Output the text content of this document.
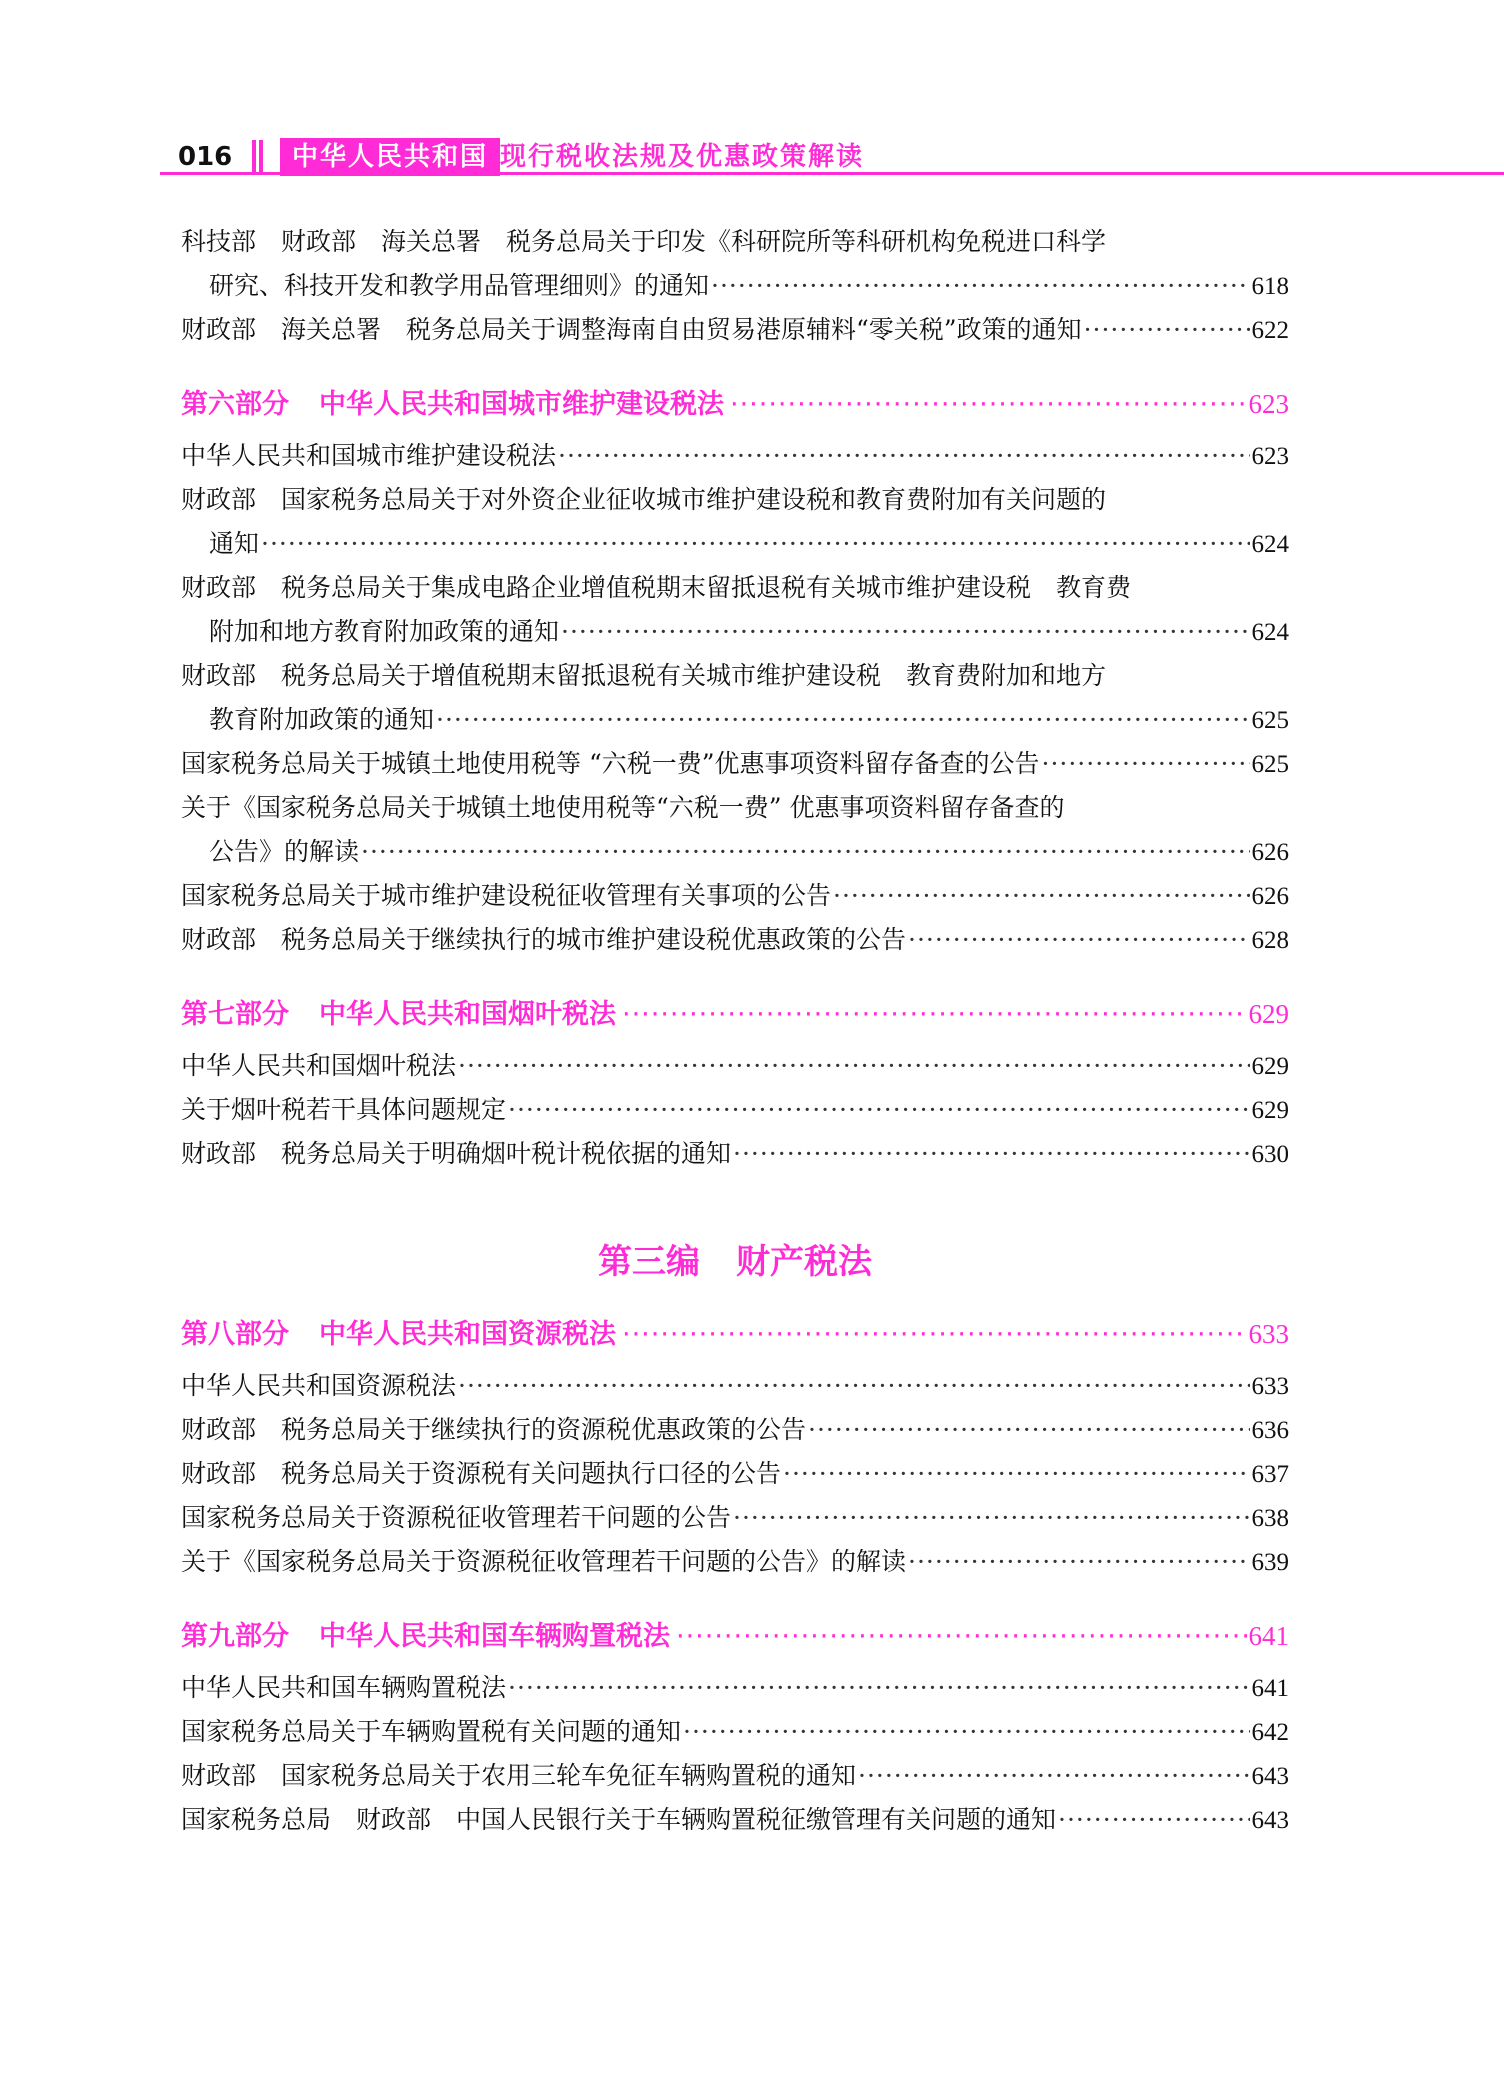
016	中华人民共和国 现行税收法规及优惠政策解读
科技部　财政部　海关总署　税务总局关于印发《科研院所等科研机构免税进口科学
研究、科技开发和教学用品管理细则》的通知 ·····	618
财政部　海关总署　税务总局关于调整海南自由贸易港原辅料“零关税”政策的通知 ·····	622
第六部分 中华人民共和国城市维护建设税法 ·····	623
中华人民共和国城市维护建设税法 ·····	623
财政部　国家税务总局关于对外资企业征收城市维护建设税和教育费附加有关问题的
通知 ·····	624
财政部　税务总局关于集成电路企业增值税期末留抵退税有关城市维护建设税　教育费
附加和地方教育附加政策的通知 ·····	624
财政部　税务总局关于增值税期末留抵退税有关城市维护建设税　教育费附加和地方
教育附加政策的通知 ·····	625
国家税务总局关于城镇土地使用税等 “六税一费”优惠事项资料留存备查的公告 ·····	625
关于《国家税务总局关于城镇土地使用税等“六税一费” 优惠事项资料留存备查的
公告》的解读 ·····	626
国家税务总局关于城市维护建设税征收管理有关事项的公告 ·····	626
财政部　税务总局关于继续执行的城市维护建设税优惠政策的公告 ·····	628
第七部分 中华人民共和国烟叶税法 ·····	629
中华人民共和国烟叶税法 ·····	629
关于烟叶税若干具体问题规定 ·····	629
财政部　税务总局关于明确烟叶税计税依据的通知 ·····	630
第三编 财产税法
第八部分 中华人民共和国资源税法 ·····	633
中华人民共和国资源税法 ·····	633
财政部　税务总局关于继续执行的资源税优惠政策的公告 ·····	636
财政部　税务总局关于资源税有关问题执行口径的公告 ·····	637
国家税务总局关于资源税征收管理若干问题的公告 ·····	638
关于《国家税务总局关于资源税征收管理若干问题的公告》的解读 ·····	639
第九部分 中华人民共和国车辆购置税法 ·····	641
中华人民共和国车辆购置税法 ·····	641
国家税务总局关于车辆购置税有关问题的通知 ·····	642
财政部　国家税务总局关于农用三轮车免征车辆购置税的通知 ·····	643
国家税务总局　财政部　中国人民银行关于车辆购置税征缴管理有关问题的通知 ·····	643
